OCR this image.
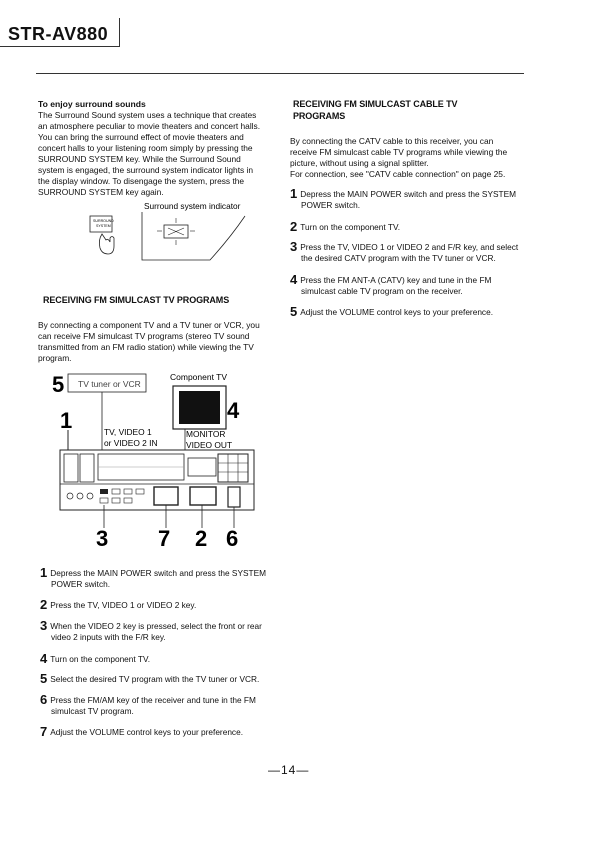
STR-AV880
To enjoy surround sounds
The Surround Sound system uses a technique that creates
an atmosphere peculiar to movie theaters and concert halls.
You can bring the surround effect of movie theaters and
concert halls to your listening room simply by pressing the
SURROUND SYSTEM key. While the Surround Sound
system is engaged, the surround system indicator lights in
the display window. To disengage the system, press the
SURROUND SYSTEM key again.
Surround system indicator
SURROUND
SYSTEM
RECEIVING FM SIMULCAST TV PROGRAMS
By connecting a component TV and a TV tuner or VCR, you
can receive FM simulcast TV programs (stereo TV sound
transmitted from an FM radio station) while viewing the TV
program.
5 TV tuner or VCR
Component TV
4
1	TV, VIDEO 1
or VIDEO 2 IN
MONITOR
VIDEO OUT
3 7 2 6
1 Depress the MAIN POWER switch and press the SYSTEM
POWER switch.
2 Press the TV, VIDEO 1 or VIDEO 2 key.
3 When the VIDEO 2 key is pressed, select the front or rear
video 2 inputs with the F/R key.
4 Turn on the component TV.
5 Select the desired TV program with the TV tuner or VCR.
6 Press the FM/AM key of the receiver and tune in the FM
simulcast TV program.
7 Adjust the VOLUME control keys to your preference.
RECEIVING FM SIMULCAST CABLE TV
PROGRAMS
By connecting the CATV cable to this receiver, you can
receive FM simulcast cable TV programs while viewing the
picture, without using a signal splitter.
For connection, see "CATV cable connection" on page 25.
1 Depress the MAIN POWER switch and press the SYSTEM
POWER switch.
2 Turn on the component TV.
3 Press the TV, VIDEO 1 or VIDEO 2 and F/R key, and select
the desired CATV program with the TV tuner or VCR.
4 Press the FM ANT-A (CATV) key and tune in the FM
simulcast cable TV program on the receiver.
5 Adjust the VOLUME control keys to your preference.
—14—
